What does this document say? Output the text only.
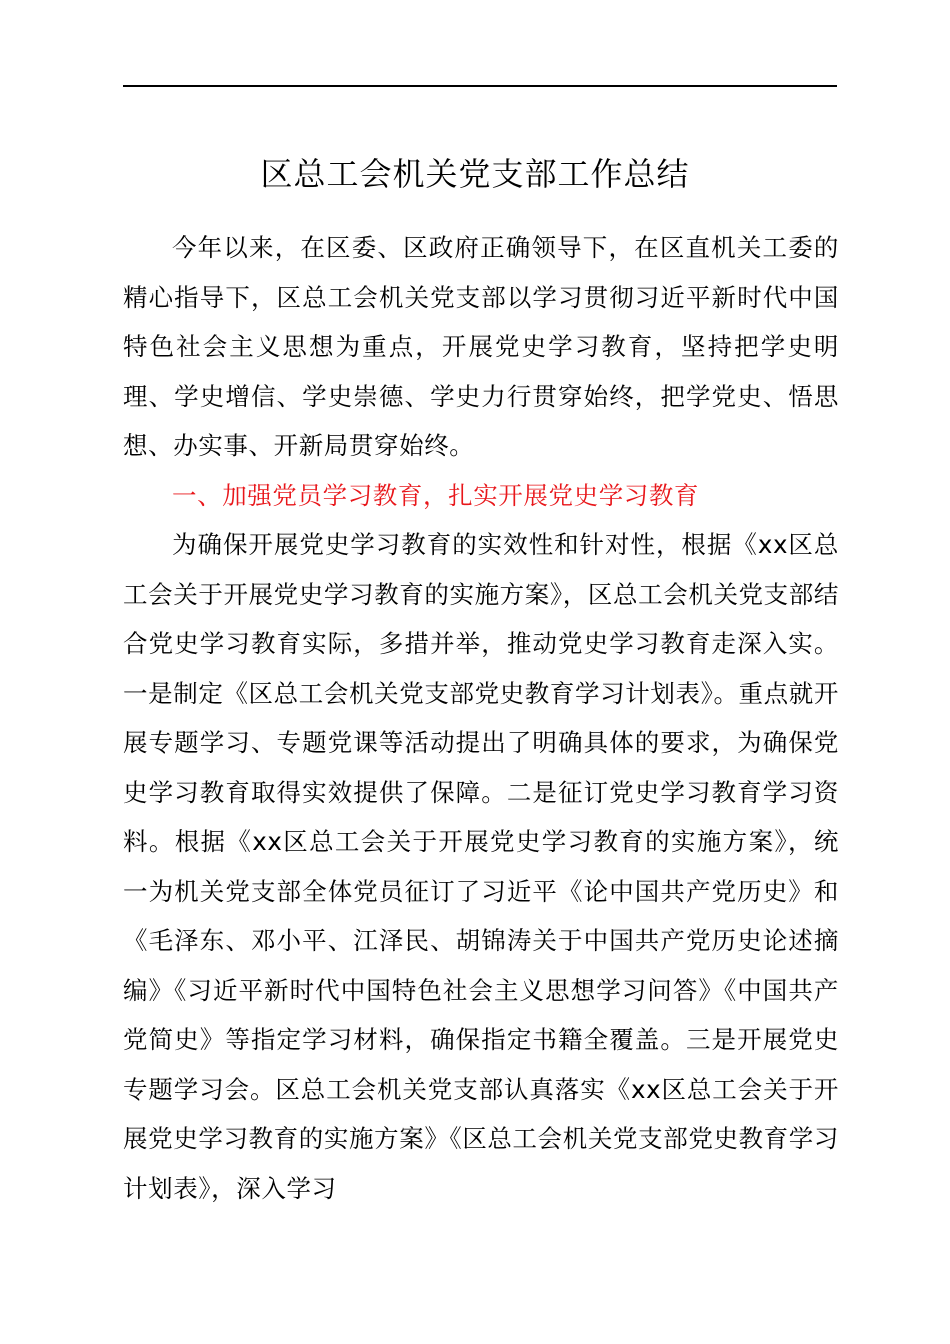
区总工会机关党支部工作总结

今年以来，在区委、区政府正确领导下，在区直机关工委的精心指导下，区总工会机关党支部以学习贯彻习近平新时代中国特色社会主义思想为重点，开展党史学习教育，坚持把学史明理、学史增信、学史崇德、学史力行贯穿始终，把学党史、悟思想、办实事、开新局贯穿始终。

一、加强党员学习教育，扎实开展党史学习教育

为确保开展党史学习教育的实效性和针对性，根据《xx区总工会关于开展党史学习教育的实施方案》，区总工会机关党支部结合党史学习教育实际，多措并举，推动党史学习教育走深入实。一是制定《区总工会机关党支部党史教育学习计划表》。重点就开展专题学习、专题党课等活动提出了明确具体的要求，为确保党史学习教育取得实效提供了保障。二是征订党史学习教育学习资料。根据《xx区总工会关于开展党史学习教育的实施方案》，统一为机关党支部全体党员征订了习近平《论中国共产党历史》和《毛泽东、邓小平、江泽民、胡锦涛关于中国共产党历史论述摘编》《习近平新时代中国特色社会主义思想学习问答》《中国共产党简史》等指定学习材料，确保指定书籍全覆盖。三是开展党史专题学习会。区总工会机关党支部认真落实《xx区总工会关于开展党史学习教育的实施方案》《区总工会机关党支部党史教育学习计划表》，深入学习
